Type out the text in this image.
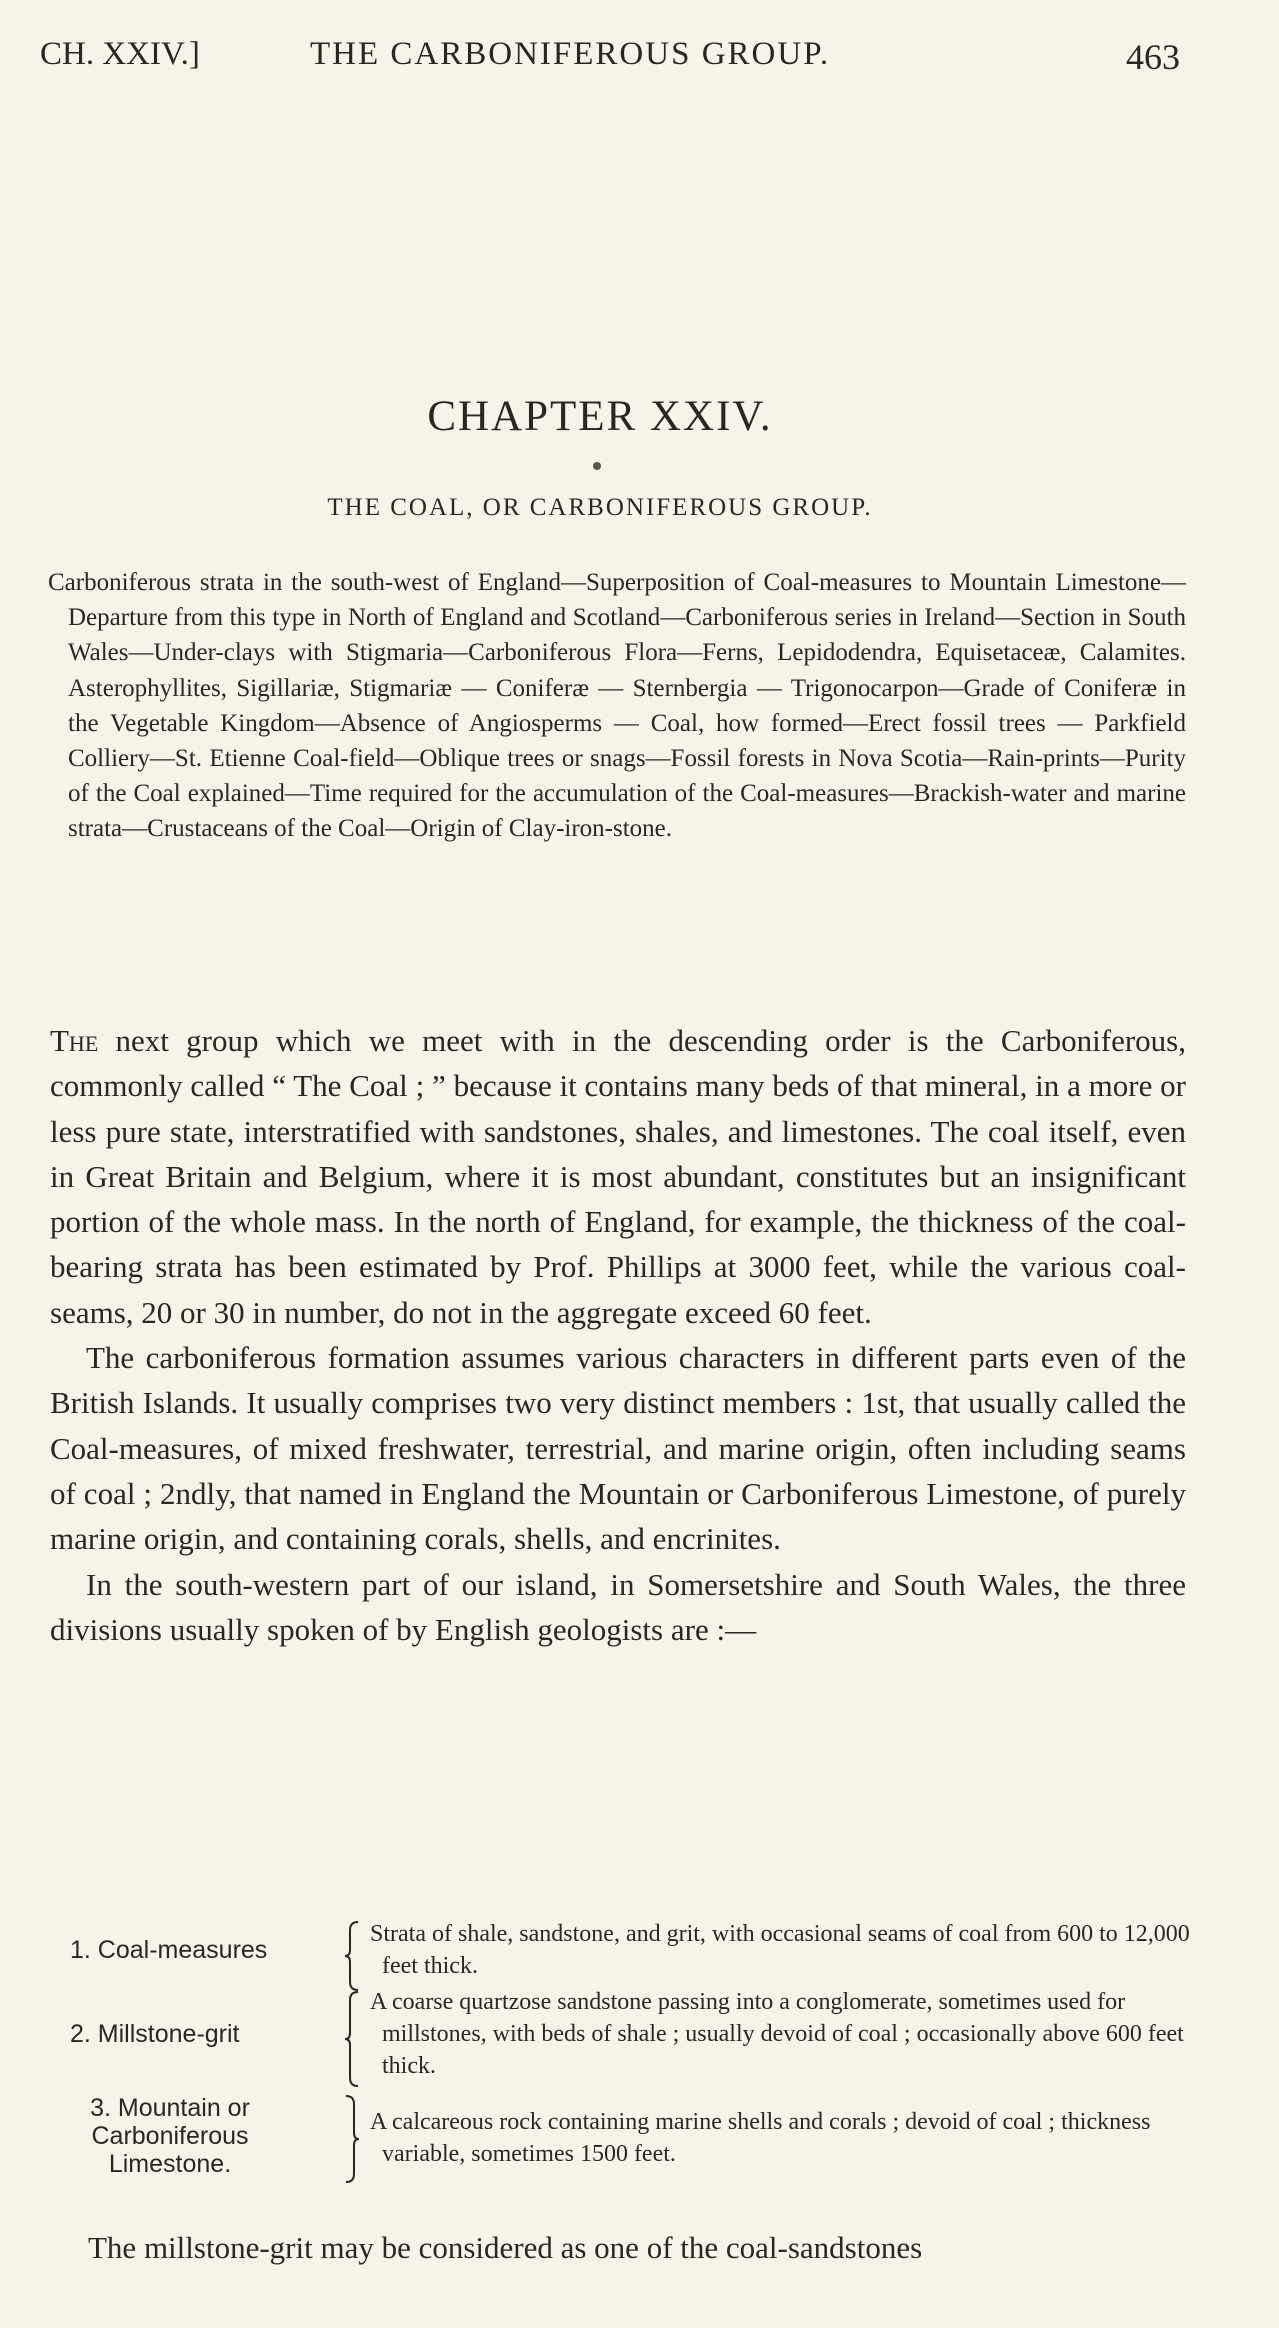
CH. XXIV.]	THE CARBONIFEROUS GROUP.	463
CHAPTER XXIV.
THE COAL, OR CARBONIFEROUS GROUP.
Carboniferous strata in the south-west of England—Superposition of Coal-measures to Mountain Limestone—Departure from this type in North of England and Scotland—Carboniferous series in Ireland—Section in South Wales—Under-clays with Stigmaria—Carboniferous Flora—Ferns, Lepidodendra, Equisetaceæ, Calamites. Asterophyllites, Sigillariæ, Stigmariæ — Coniferæ — Sternbergia — Trigonocarpon—Grade of Coniferæ in the Vegetable Kingdom—Absence of Angiosperms — Coal, how formed—Erect fossil trees — Parkfield Colliery—St. Etienne Coal-field—Oblique trees or snags—Fossil forests in Nova Scotia—Rain-prints—Purity of the Coal explained—Time required for the accumulation of the Coal-measures—Brackish-water and marine strata—Crustaceans of the Coal—Origin of Clay-iron-stone.

The next group which we meet with in the descending order is the Carboniferous, commonly called “ The Coal ; ” because it contains many beds of that mineral, in a more or less pure state, interstratified with sandstones, shales, and limestones. The coal itself, even in Great Britain and Belgium, where it is most abundant, constitutes but an insignificant portion of the whole mass. In the north of England, for example, the thickness of the coal-bearing strata has been estimated by Prof. Phillips at 3000 feet, while the various coal-seams, 20 or 30 in number, do not in the aggregate exceed 60 feet.

The carboniferous formation assumes various characters in different parts even of the British Islands. It usually comprises two very distinct members : 1st, that usually called the Coal-measures, of mixed freshwater, terrestrial, and marine origin, often including seams of coal ; 2ndly, that named in England the Mountain or Carboniferous Limestone, of purely marine origin, and containing corals, shells, and encrinites.

In the south-western part of our island, in Somersetshire and South Wales, the three divisions usually spoken of by English geologists are :—

1. Coal-measures
Strata of shale, sandstone, and grit, with occasional seams of coal from 600 to 12,000 feet thick.
2. Millstone-grit
A coarse quartzose sandstone passing into a conglomerate, sometimes used for millstones, with beds of shale ; usually devoid of coal ; occasionally above 600 feet thick.
3. Mountain or Carboniferous Limestone.
A calcareous rock containing marine shells and corals ; devoid of coal ; thickness variable, sometimes 1500 feet.
The millstone-grit may be considered as one of the coal-sandstones
